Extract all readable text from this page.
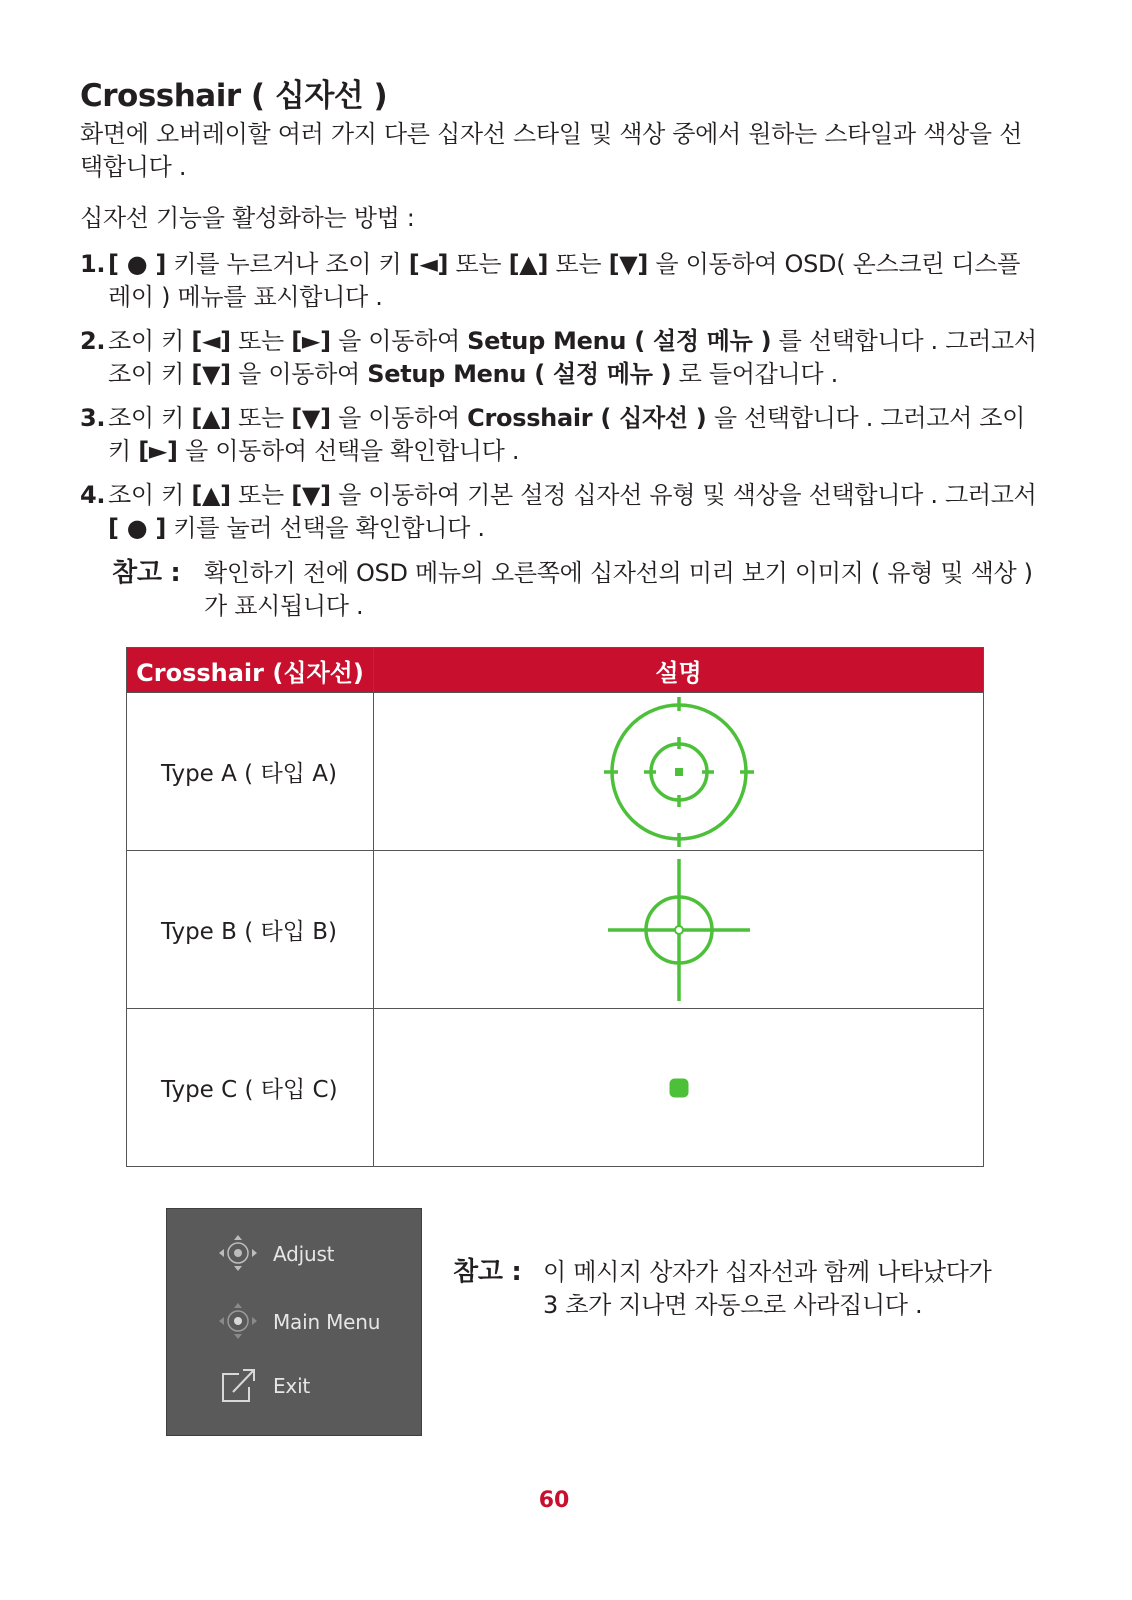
Crosshair ( 십자선 )

화면에 오버레이할 여러 가지 다른 십자선 스타일 및 색상 중에서 원하는 스타일과 색상을 선택합니다 .

십자선 기능을 활성화하는 방법 :

1. [ ● ] 키를 누르거나 조이 키 [◄] 또는 [▲] 또는 [▼] 을 이동하여 OSD( 온스크린 디스플레이 ) 메뉴를 표시합니다 .
2. 조이 키 [◄] 또는 [►] 을 이동하여 Setup Menu ( 설정 메뉴 ) 를 선택합니다 . 그러고서 조이 키 [▼] 을 이동하여 Setup Menu ( 설정 메뉴 ) 로 들어갑니다 .
3. 조이 키 [▲] 또는 [▼] 을 이동하여 Crosshair ( 십자선 ) 을 선택합니다 . 그러고서 조이 키 [►] 을 이동하여 선택을 확인합니다 .
4. 조이 키 [▲] 또는 [▼] 을 이동하여 기본 설정 십자선 유형 및 색상을 선택합니다 . 그러고서 [ ● ] 키를 눌러 선택을 확인합니다 .
참고 : 확인하기 전에 OSD 메뉴의 오른쪽에 십자선의 미리 보기 이미지 ( 유형 및 색상 ) 가 표시됩니다 .
Crosshair (십자선)	설명
Type A ( 타입 A)	

Type B ( 타입 B)	

Type C ( 타입 C)	
Adjust
Main Menu
Exit
참고 : 이 메시지 상자가 십자선과 함께 나타났다가 3 초가 지나면 자동으로 사라집니다 .
60
